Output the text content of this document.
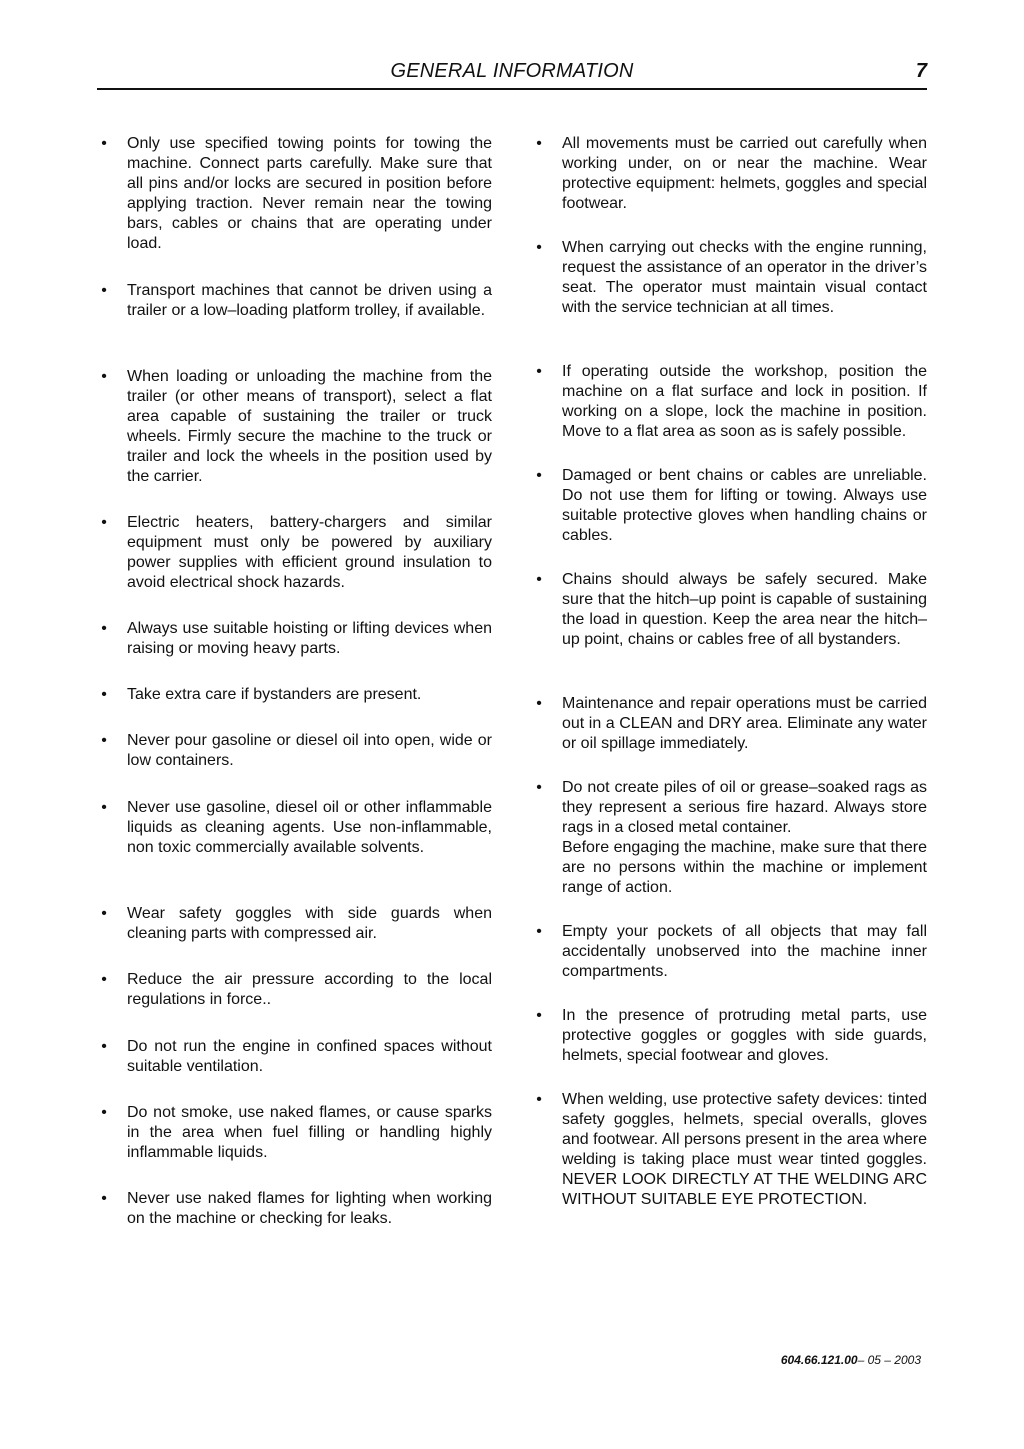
GENERAL INFORMATION	7
• Only use specified towing points for towing the machine. Connect parts carefully. Make sure that all pins and/or locks are secured in position before applying traction. Never remain near the towing bars, cables or chains that are operating under load.
• Transport machines that cannot be driven using a trailer or a low–loading platform trolley, if available.
• When loading or unloading the machine from the trailer (or other means of transport), select a flat area capable of sustaining the trailer or truck wheels. Firmly secure the machine to the truck or trailer and lock the wheels in the position used by the carrier.
• Electric heaters, battery-chargers and similar equipment must only be powered by auxiliary power supplies with efficient ground insulation to avoid electrical shock hazards.
• Always use suitable hoisting or lifting devices when raising or moving heavy parts.
• Take extra care if bystanders are present.
• Never pour gasoline or diesel oil into open, wide or low containers.
• Never use gasoline, diesel oil or other inflammable liquids as cleaning agents. Use non-inflammable, non toxic commercially available solvents.
• Wear safety goggles with side guards when cleaning parts with compressed air.
• Reduce the air pressure according to the local regulations in force..
• Do not run the engine in confined spaces without suitable ventilation.
• Do not smoke, use naked flames, or cause sparks in the area when fuel filling or handling highly inflammable liquids.
• Never use naked flames for lighting when working on the machine or checking for leaks.
• All movements must be carried out carefully when working under, on or near the machine. Wear protective equipment: helmets, goggles and special footwear.
• When carrying out checks with the engine running, request the assistance of an operator in the driver’s seat. The operator must maintain visual contact with the service technician at all times.
• If operating outside the workshop, position the machine on a flat surface and lock in position. If working on a slope, lock the machine in position. Move to a flat area as soon as is safely possible.
• Damaged or bent chains or cables are unreliable. Do not use them for lifting or towing. Always use suitable protective gloves when handling chains or cables.
• Chains should always be safely secured. Make sure that the hitch–up point is capable of sustaining the load in question. Keep the area near the hitch–up point, chains or cables free of all bystanders.
• Maintenance and repair operations must be carried out in a CLEAN and DRY area. Eliminate any water or oil spillage immediately.
• Do not create piles of oil or grease–soaked rags as they represent a serious fire hazard. Always store rags in a closed metal container.
Before engaging the machine, make sure that there are no persons within the machine or implement range of action.
• Empty your pockets of all objects that may fall accidentally unobserved into the machine inner compartments.
• In the presence of protruding metal parts, use protective goggles or goggles with side guards, helmets, special footwear and gloves.
• When welding, use protective safety devices: tinted safety goggles, helmets, special overalls, gloves and footwear. All persons present in the area where welding is taking place must wear tinted goggles. NEVER LOOK DIRECTLY AT THE WELDING ARC WITHOUT SUITABLE EYE PROTECTION.
604.66.121.00– 05 – 2003
